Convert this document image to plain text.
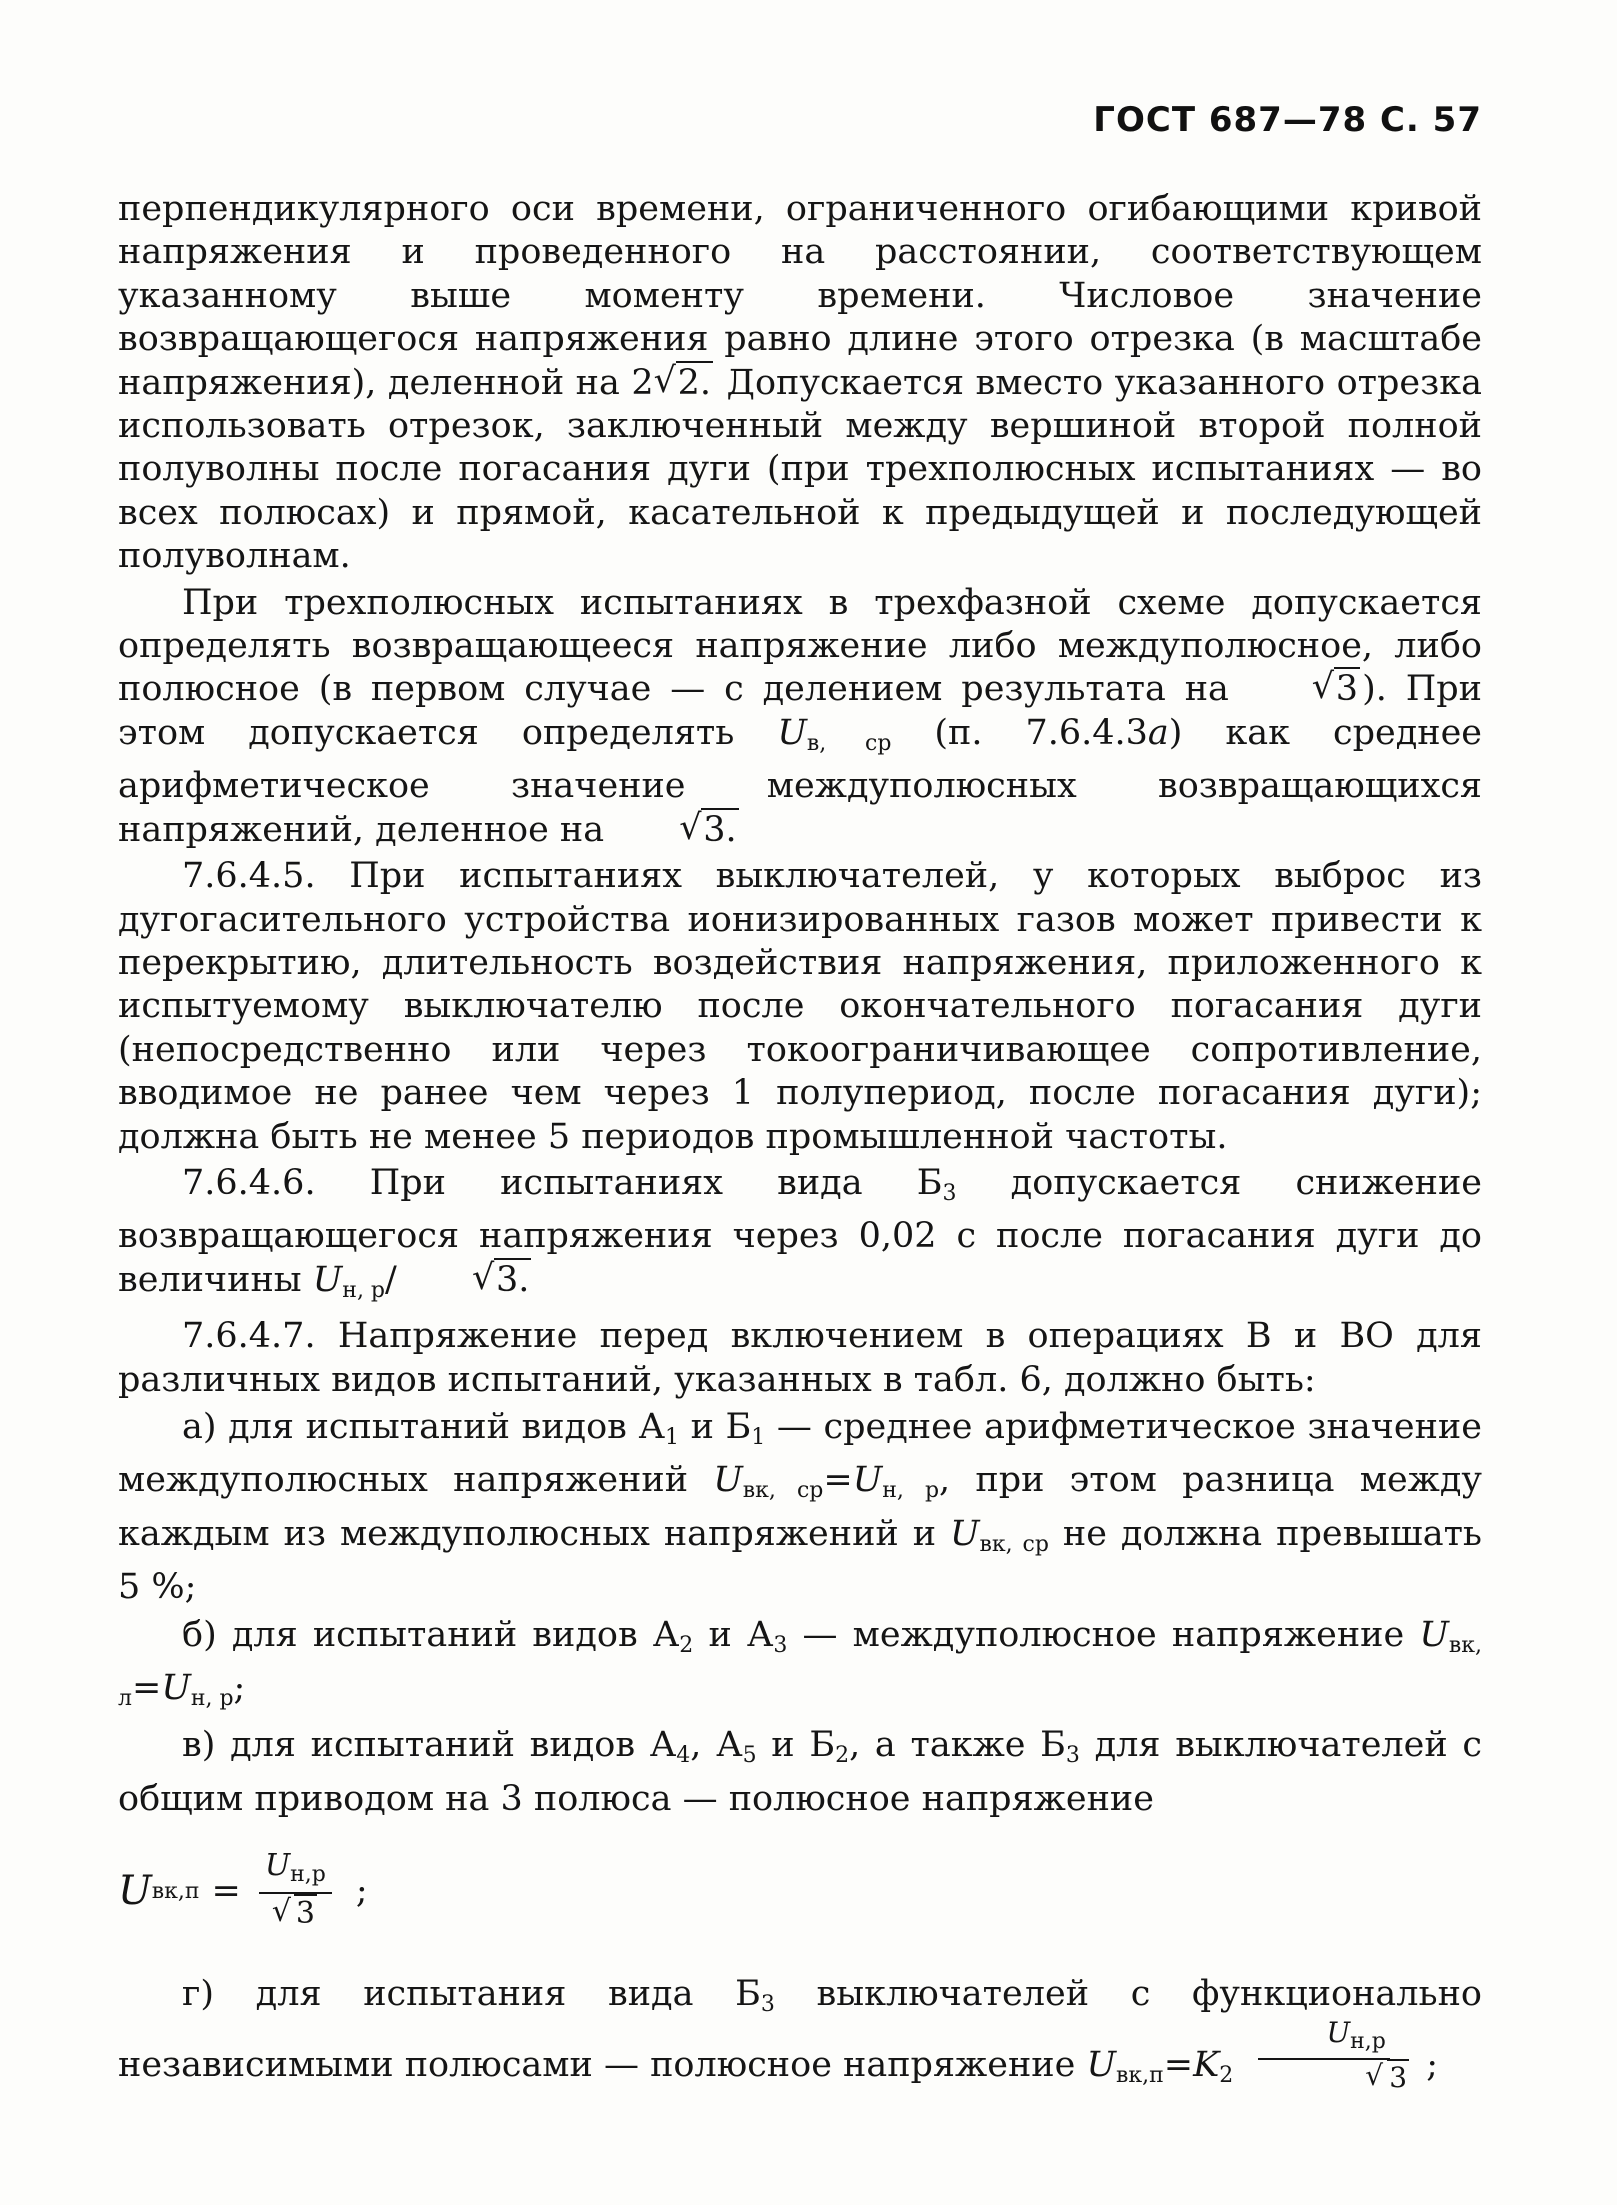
ГОСТ 687—78 С. 57

перпендикулярного оси времени, ограниченного огибающими кривой напряжения и проведенного на расстоянии, соответствующем указанному выше моменту времени. Числовое значение возвращающегося напряжения равно длине этого отрезка (в масштабе напряжения), деленной на 2 √ 2. Допускается вместо указанного отрезка использовать отрезок, заключенный между вершиной второй полной полуволны после погасания дуги (при трехполюсных испытаниях — во всех полюсах) и прямой, касательной к предыдущей и последующей полуволнам.

При трехполюсных испытаниях в трехфазной схеме допускается определять возвращающееся напряжение либо междуполюсное, либо полюсное (в первом случае — с делением результата на	√ 3 ). При этом допускается определять $U_{в, ср}$ (п. 7.6.4.3а) как среднее арифметическое значение междуполюсных возвращающихся напряжений, деленное на	√ 3.

7.6.4.5. При испытаниях выключателей, у которых выброс из дугогасительного устройства ионизированных газов может привести к перекрытию, длительность воздействия напряжения, приложенного к испытуемому выключателю после окончательного погасания дуги (непосредственно или через токоограничивающее сопротивление, вводимое не ранее чем через 1 полупериод, после погасания дуги); должна быть не менее 5 периодов промышленной частоты.

7.6.4.6. При испытаниях вида $Б_3$ допускается снижение возвращающегося напряжения через 0,02 с после погасания дуги до величины $U_{н, р}/$	√ 3.

7.6.4.7. Напряжение перед включением в операциях В и ВО для различных видов испытаний, указанных в табл. 6, должно быть:

а) для испытаний видов $А_1$ и $Б_1$ — среднее арифметическое значение междуполюсных напряжений $U_{вк, ср}=U_{н, р}$, при этом разница между каждым из междуполюсных напряжений и $U_{вк, ср}$ не должна превышать 5 %;

б) для испытаний видов $А_2$ и $А_3$ — междуполюсное напряжение $U_{вк, л}=U_{н, р}$;

в) для испытаний видов $А_4$, $А_5$ и $Б_2$, а также $Б_3$ для выключателей с общим приводом на 3 полюса — полюсное напряжение

U $вк,п = U_{н,р}$
√ 3 ;

г) для испытания вида $Б_3$ выключателей с функционально независимыми полюсами — полюсное напряжение $U_{вк,п}=K_2$ $U_{н,р}$
√ 3 ;
